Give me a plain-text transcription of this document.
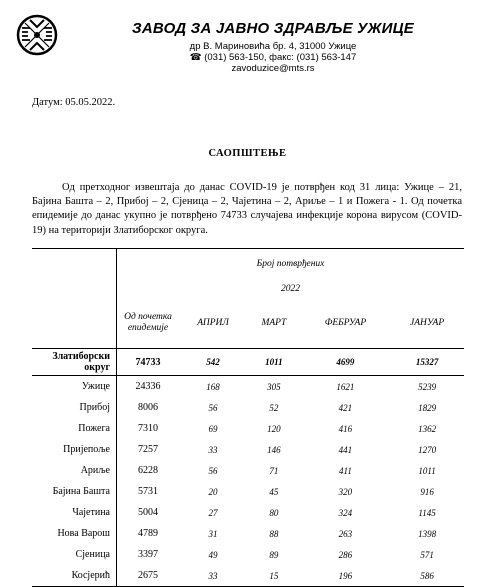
ЗАВОД ЗА ЈАВНО ЗДРАВЉЕ УЖИЦЕ
др В. Мариновића бр. 4, 31000 Ужице
☎ (031) 563-150, факс: (031) 563-147
zavoduzice@mts.rs
Датум: 05.05.2022.
САОПШТЕЊЕ

Од претходног извештаја до данас COVID-19 је потврђен код 31 лица: Ужице – 21, Бајина Башта – 2, Прибој – 2, Сјеница – 2, Чајетина – 2, Ариље – 1 и Пожега - 1. Од почетка епидемије до данас укупно је потврђено 74733 случајева инфекције корона вирусом (COVID-19) на територији Златиборског округа.

		Број потврђених				
		2022				

		Од почетка епидемије	АПРИЛ	МАРТ	ФЕБРУАР	ЈАНУАР
Златиборски округ		74733	542	1011	4699	15327
Ужице		24336	168	305	1621	5239
Прибој		8006	56	52	421	1829
Пожега		7310	69	120	416	1362
Пријепоље		7257	33	146	441	1270
Ариље		6228	56	71	411	1011
Бајина Башта		5731	20	45	320	916
Чајетина		5004	27	80	324	1145
Нова Варош		4789	31	88	263	1398
Сјеница		3397	49	89	286	571
Косјерић		2675	33	15	196	586
